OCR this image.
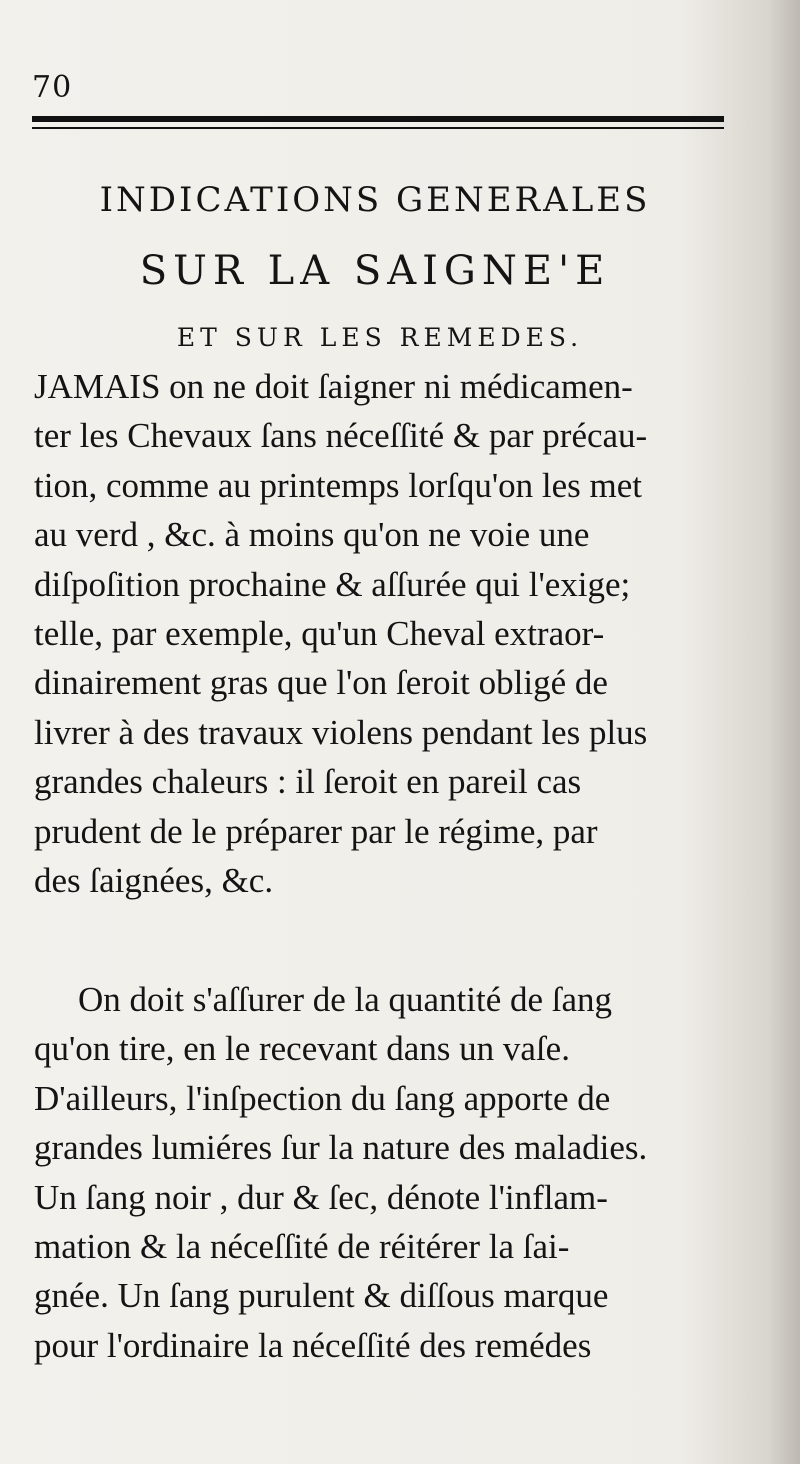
70
INDICATIONS GENERALES
SUR LA SAIGNE'E
ET SUR LES REMEDES.
JAMAIS on ne doit ſaigner ni médicamen-
ter les Chevaux ſans néceſſité & par précau-
tion, comme au printemps lorſqu'on les met
au verd , &c. à moins qu'on ne voie une
diſpoſition prochaine & aſſurée qui l'exige;
telle, par exemple, qu'un Cheval extraor-
dinairement gras que l'on ſeroit obligé de
livrer à des travaux violens pendant les plus
grandes chaleurs : il ſeroit en pareil cas
prudent de le préparer par le régime, par
des ſaignées, &c.
On doit s'aſſurer de la quantité de ſang
qu'on tire, en le recevant dans un vaſe.
D'ailleurs, l'inſpection du ſang apporte de
grandes lumiéres ſur la nature des maladies.
Un ſang noir , dur & ſec, dénote l'inflam-
mation & la néceſſité de réitérer la ſai-
gnée. Un ſang purulent & diſſous marque
pour l'ordinaire la néceſſité des remédes
